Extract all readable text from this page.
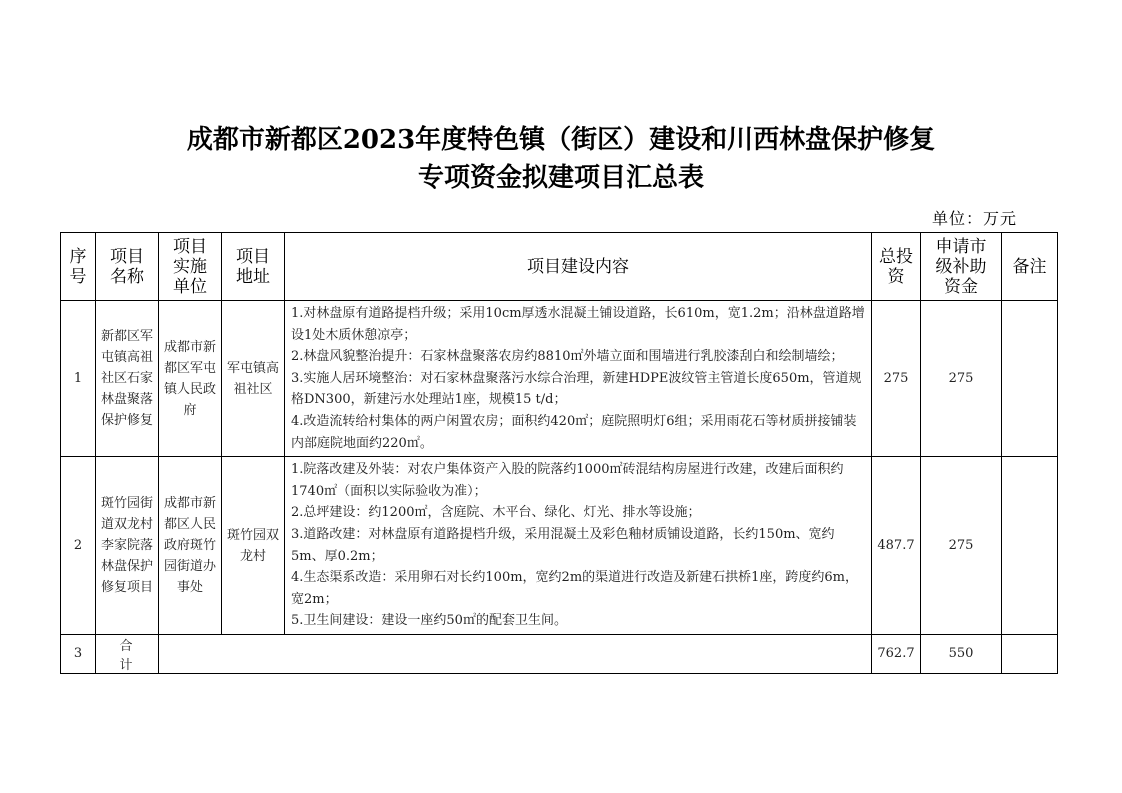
成都市新都区2023年度特色镇（街区）建设和川西林盘保护修复
专项资金拟建项目汇总表
单位：万元
序号	项目名称	项目实施单位	项目地址	项目建设内容	总投资	申请市级补助资金	备注
1	新都区军屯镇高祖社区石家林盘聚落保护修复	成都市新都区军屯镇人民政府	军屯镇高祖社区	1.对林盘原有道路提档升级；采用10cm厚透水混凝土铺设道路，长610m，宽1.2m；沿林盘道路增设1处木质休憩凉亭；
2.林盘风貌整治提升：石家林盘聚落农房约8810㎡外墙立面和围墙进行乳胶漆刮白和绘制墙绘；
3.实施人居环境整治：对石家林盘聚落污水综合治理，新建HDPE波纹管主管道长度650m，管道规格DN300，新建污水处理站1座，规模15 t/d；
4.改造流转给村集体的两户闲置农房；面积约420㎡；庭院照明灯6组；采用雨花石等材质拼接铺装内部庭院地面约220㎡。	275	275	
2	斑竹园街道双龙村李家院落林盘保护修复项目	成都市新都区人民政府斑竹园街道办事处	斑竹园双龙村	1.院落改建及外装：对农户集体资产入股的院落约1000㎡砖混结构房屋进行改建，改建后面积约1740㎡（面积以实际验收为准）；
2.总坪建设：约1200㎡，含庭院、木平台、绿化、灯光、排水等设施；
3.道路改建：对林盘原有道路提档升级，采用混凝土及彩色釉材质铺设道路，长约150m、宽约5m、厚0.2m；
4.生态渠系改造：采用卵石对长约100m，宽约2m的渠道进行改造及新建石拱桥1座，跨度约6m，宽2m；
5.卫生间建设：建设一座约50㎡的配套卫生间。	487.7	275	
3	合计				762.7	550	
